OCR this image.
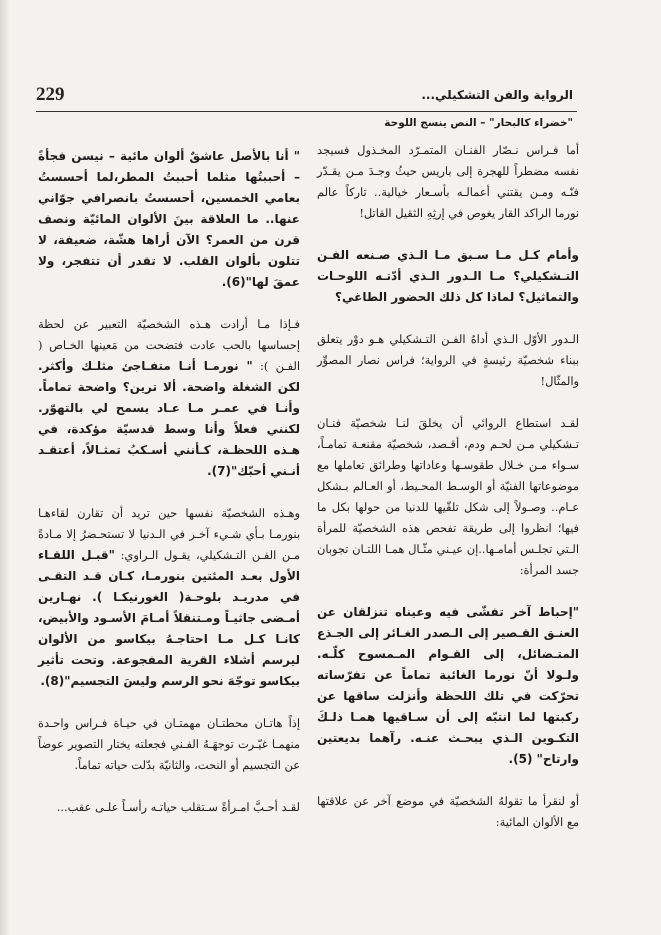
229	الرواية والفن التشكيلي...
"خضراء كالبحار" – النص ينسج اللوحة

أما فـراس نـصّار الفنـان المتمـرّد المخـذول فسيجد نفسه مضطراً للهجرة إلى باريس حيثُ وجـدَ مـن يقـدّر فنّـه ومـن يقتني أعمالـه بأسـعار خيالية.. تاركاً عالم نورما الراكد القار يغوص في إرثِهِ الثقيل القاتل!

وأمام كـل مـا سـبق مـا الـذي صـنعه الفـن التـشكيلي؟ مـا الـدور الـذي أدّتـه اللوحـات والتماثيل؟ لماذا كل ذلك الحضور الطاغي؟

الـدور الأوّل الـذي أداهُ الفـن التـشكيلي هـو دوْر يتعلق ببناء شخصيّة رئيسةٍ في الرواية؛ فراس نصار المصوِّر والمثّال!

لقـد استطاع الروائي أن يخلقَ لنـا شخصيّة فنـان تـشكيلي مـن لحـم ودم، أقـصد، شخصيّة مقنعـة تمامـاً، سـواء مـن خـلال طقوسـها وعاداتها وطرائق تعاملها مع موضوعاتها الفنيّة أو الوسـط المحـيط، أو العـالم بـشكل عـام.. وصـولاً إلى شكل تلقّيها للدنيا من حولها بكل ما فيها؛ انظروا إلى طريقة تفحص هذه الشخصيّة للمرأة الـتي تجلـس أمامـها..إن عيـني مثّـال همـا اللتـان تجوبان جسد المرأة:

"إحباط آخر تفشّى فيه وعيناه تنزلقان عن العنـق القـصير إلى الـصدر الغـائر إلى الجـذع المتـضائل، إلى القـوام المـمسوح كلّـه. ولـولا أنّ نورما الغائبة تماماً عن تفرّساته تحرّكت في تلك اللحظة وأنزلت ساقها عن ركبتها لما انتبّه إلى أن سـاقيها همـا ذلـكَ التكـوين الـذي يبحـث عنـه. رآهما بديعتين وارتاح" (5).

أو لنقرأ ما تقولهُ الشخصيّة في موضع آخر عن علاقتها مع الألوان المائية:

" أنا بالأصل عاشقٌ ألوان مائية – نيسن فجأةً – أحببتُها مثلما أحببتُ المطر،لما أحسستُ بعامي الخمسين، أحسستُ بانصرافي جوّاني عنها.. ما العلاقة بينَ الألوان المائيّة ونصف قرن من العمر؟ الآن أراها هشّة، ضعيفة، لا تتلون بألوان القلب. لا تقدر أن تتفجر، ولا عمقَ لها"(6).

فـإذا مـا أرادت هـذه الشخصيّة التعبير عن لحظة إحساسها بالحب عادت فتضحت من مَعينها الخـاص ( الفـن ): " نورمـا أنـا متفـاجئ مثلـك وأكثر. لكن الشغلة واضحة. ألا ترين؟ واضحة تماماً. وأنـا في عمـر مـا عـاد يسمح لي بالتهوّر. لكنني فعلاً وأنا وسط قدسيّة مؤكدة، في هـذه اللحظـة، كـأنني أسـكبُ تمثـالاً، أعتقـد أنـني أحبّك"(7).

وهـذه الشخصيّة نفسها حين تريد أن تقارن لقاءهـا بنورمـا بـأي شـيء آخـر في الـدنيا لا تستحـضرُ إلا مـادةً مـن الفـن التـشكيلي، يقـول الـراوي: "قبـل اللقـاء الأول بعـد المئتين بنورمـا، كـان قـد التقـى في مدريـد بلوحـة( الغورنيكـا ). نهـارين أمـضى جاثيـاً ومـتنقلاً أمـامَ الأسـود والأبيض، كانـا كـل مـا احتاجـهُ بيكاسو من الألوان ليرسم أشلاء القرية المفجوعة. وتحت تأثير بيكاسو توجّهَ نحو الرسم وليسَ التجسيم"(8).

إذاً هاتـان محطتـان مهمتـان في حيـاة فـراس واحـدة منهمـا غيّـرت توجهَـهُ الفـني فجعلته يختار التصوير عوضاً عن التجسيم أو النحت، والثانيّة بدّلت حياته تماماً.

لقـد أحـبَّ امـرأةً سـتقلب حياتـه رأسـاً علـى عقب...
